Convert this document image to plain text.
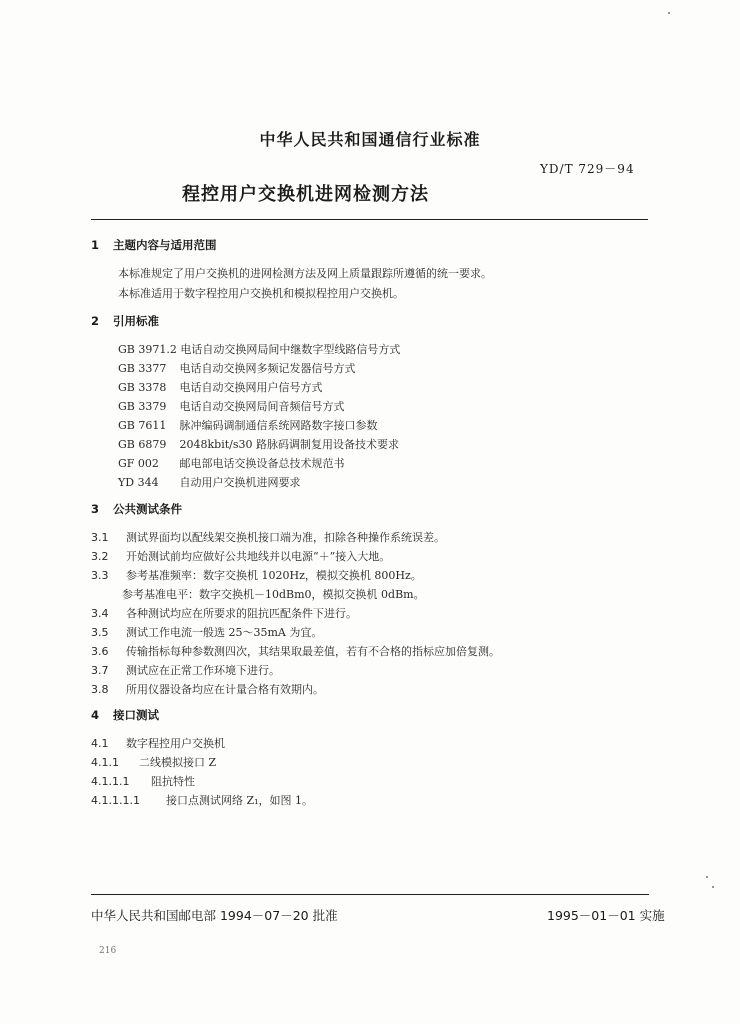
中华人民共和国通信行业标准
YD/T 729－94
程控用户交换机进网检测方法
1 主题内容与适用范围
本标准规定了用户交换机的进网检测方法及网上质量跟踪所遵循的统一要求。
本标准适用于数字程控用户交换机和模拟程控用户交换机。
2 引用标准
GB 3971.2 电话自动交换网局间中继数字型线路信号方式
GB 3377 电话自动交换网多频记发器信号方式
GB 3378 电话自动交换网用户信号方式
GB 3379 电话自动交换网局间音频信号方式
GB 7611 脉冲编码调制通信系统网路数字接口参数
GB 6879 2048kbit/s30 路脉码调制复用设备技术要求
GF 002 邮电部电话交换设备总技术规范书
YD 344 自动用户交换机进网要求
3 公共测试条件
3.1 测试界面均以配线架交换机接口端为准，扣除各种操作系统误差。
3.2 开始测试前均应做好公共地线并以电源“＋”接入大地。
3.3 参考基准频率：数字交换机 1020Hz，模拟交换机 800Hz。
参考基准电平：数字交换机－10dBm0，模拟交换机 0dBm。
3.4 各种测试均应在所要求的阻抗匹配条件下进行。
3.5 测试工作电流一般选 25～35mA 为宜。
3.6 传输指标每种参数测四次，其结果取最差值，若有不合格的指标应加倍复测。
3.7 测试应在正常工作环境下进行。
3.8 所用仪器设备均应在计量合格有效期内。
4 接口测试
4.1 数字程控用户交换机
4.1.1 二线模拟接口 Z
4.1.1.1 阻抗特性
4.1.1.1.1 接口点测试网络 Z₁，如图 1。
中华人民共和国邮电部 1994－07－20 批准	1995－01－01 实施
216
